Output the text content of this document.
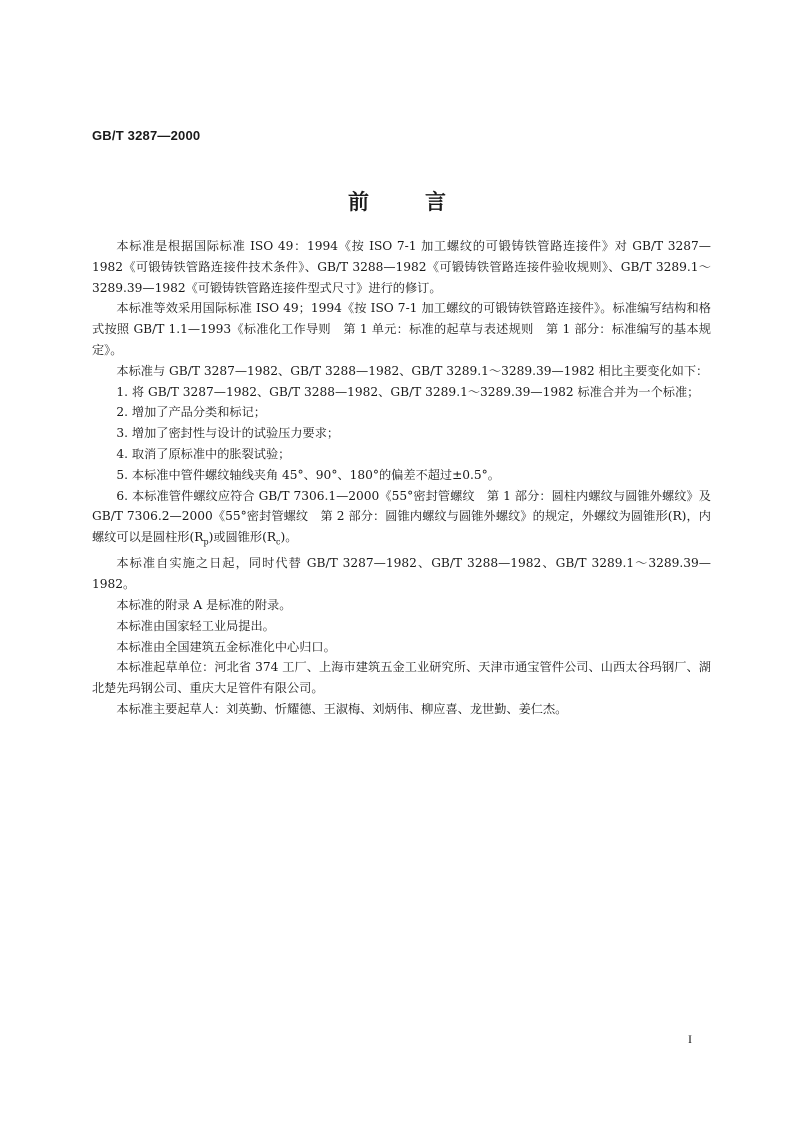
GB/T 3287—2000
前	言

本标准是根据国际标准 ISO 49：1994《按 ISO 7-1 加工螺纹的可锻铸铁管路连接件》对 GB/T 3287—1982《可锻铸铁管路连接件技术条件》、GB/T 3288—1982《可锻铸铁管路连接件验收规则》、GB/T 3289.1～3289.39—1982《可锻铸铁管路连接件型式尺寸》进行的修订。

本标准等效采用国际标准 ISO 49；1994《按 ISO 7-1 加工螺纹的可锻铸铁管路连接件》。标准编写结构和格式按照 GB/T 1.1—1993《标准化工作导则　第 1 单元：标准的起草与表述规则　第 1 部分：标准编写的基本规定》。

本标准与 GB/T 3287—1982、GB/T 3288—1982、GB/T 3289.1～3289.39—1982 相比主要变化如下：

1. 将 GB/T 3287—1982、GB/T 3288—1982、GB/T 3289.1～3289.39—1982 标准合并为一个标准；

2. 增加了产品分类和标记；

3. 增加了密封性与设计的试验压力要求；

4. 取消了原标准中的胀裂试验；

5. 本标准中管件螺纹轴线夹角 45°、90°、180°的偏差不超过±0.5°。

6. 本标准管件螺纹应符合 GB/T 7306.1—2000《55°密封管螺纹　第 1 部分：圆柱内螺纹与圆锥外螺纹》及 GB/T 7306.2—2000《55°密封管螺纹　第 2 部分：圆锥内螺纹与圆锥外螺纹》的规定，外螺纹为圆锥形(R)，内螺纹可以是圆柱形$(R_p)$或圆锥形$(R_c)$。

本标准自实施之日起，同时代替 GB/T 3287—1982、GB/T 3288—1982、GB/T 3289.1～3289.39—1982。

本标准的附录 A 是标准的附录。

本标准由国家轻工业局提出。

本标准由全国建筑五金标准化中心归口。

本标准起草单位：河北省 374 工厂、上海市建筑五金工业研究所、天津市通宝管件公司、山西太谷玛钢厂、湖北楚先玛钢公司、重庆大足管件有限公司。

本标准主要起草人：刘英勤、忻耀德、王淑梅、刘炳伟、柳应喜、龙世勤、姜仁杰。

I
